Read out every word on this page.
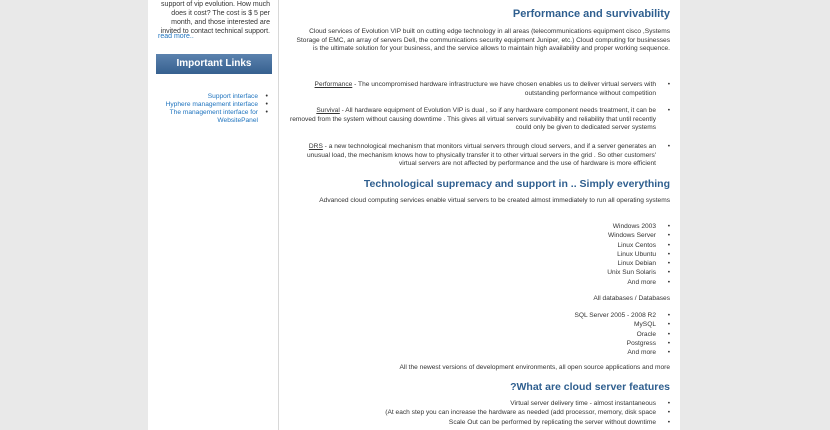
support of vip evolution. How much
does it cost? The cost is $ 5 per
month, and those interested are
invited to contact technical support.
read more..
Important Links
Support interface •
Hyphere management interface •
The management interface for WebsitePanel •
Performance and survivability
Cloud services of Evolution VIP built on cutting edge technology in all areas (telecommunications equipment cisco ,Systems Storage of EMC, an array of servers Dell, the communications security equipment Juniper, etc.) Cloud computing for businesses is the ultimate solution for your business, and the service allows to maintain high availability and proper working sequence.
Performance - The uncompromised hardware infrastructure we have chosen enables us to deliver virtual servers with outstanding performance without competition •
Survival - All hardware equipment of Evolution VIP is dual , so if any hardware component needs treatment, it can be removed from the system without causing downtime . This gives all virtual servers survivability and reliability that until recently could only be given to dedicated server systems •
DRS - a new technological mechanism that monitors virtual servers through cloud servers, and if a server generates an unusual load, the mechanism knows how to physically transfer it to other virtual servers in the grid . So other customers' virtual servers are not affected by performance and the use of hardware is more efficient •
Technological supremacy and support in .. Simply everything
Advanced cloud computing services enable virtual servers to be created almost immediately to run all operating systems
Windows 2003 •
Windows Server •
Linux Centos •
Linux Ubuntu •
Linux Debian •
Unix Sun Solaris •
And more •
All databases / Databases
SQL Server 2005 - 2008 R2 •
MySQL •
Oracle •
Postgress •
And more •
All the newest versions of development environments, all open source applications and more
?What are cloud server features
Virtual server delivery time - almost instantaneous •
(At each step you can increase the hardware as needed (add processor, memory, disk space •
Scale Out can be performed by replicating the server without downtime •
